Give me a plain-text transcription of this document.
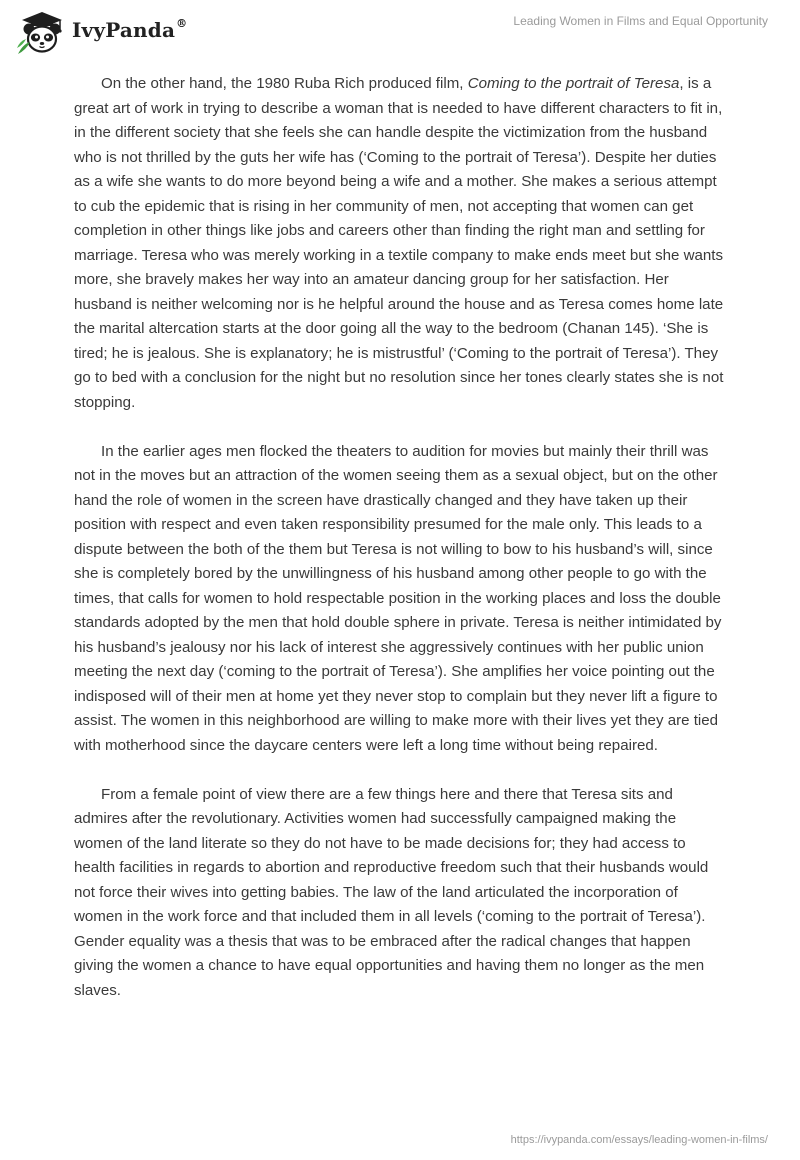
IvyPanda®	Leading Women in Films and Equal Opportunity

On the other hand, the 1980 Ruba Rich produced film, Coming to the portrait of Teresa, is a great art of work in trying to describe a woman that is needed to have different characters to fit in, in the different society that she feels she can handle despite the victimization from the husband who is not thrilled by the guts her wife has (‘Coming to the portrait of Teresa’). Despite her duties as a wife she wants to do more beyond being a wife and a mother. She makes a serious attempt to cub the epidemic that is rising in her community of men, not accepting that women can get completion in other things like jobs and careers other than finding the right man and settling for marriage. Teresa who was merely working in a textile company to make ends meet but she wants more, she bravely makes her way into an amateur dancing group for her satisfaction. Her husband is neither welcoming nor is he helpful around the house and as Teresa comes home late the marital altercation starts at the door going all the way to the bedroom (Chanan 145). ‘She is tired; he is jealous. She is explanatory; he is mistrustful’ (‘Coming to the portrait of Teresa’). They go to bed with a conclusion for the night but no resolution since her tones clearly states she is not stopping.

In the earlier ages men flocked the theaters to audition for movies but mainly their thrill was not in the moves but an attraction of the women seeing them as a sexual object, but on the other hand the role of women in the screen have drastically changed and they have taken up their position with respect and even taken responsibility presumed for the male only. This leads to a dispute between the both of the them but Teresa is not willing to bow to his husband’s will, since she is completely bored by the unwillingness of his husband among other people to go with the times, that calls for women to hold respectable position in the working places and loss the double standards adopted by the men that hold double sphere in private. Teresa is neither intimidated by his husband’s jealousy nor his lack of interest she aggressively continues with her public union meeting the next day (‘coming to the portrait of Teresa’). She amplifies her voice pointing out the indisposed will of their men at home yet they never stop to complain but they never lift a figure to assist. The women in this neighborhood are willing to make more with their lives yet they are tied with motherhood since the daycare centers were left a long time without being repaired.

From a female point of view there are a few things here and there that Teresa sits and admires after the revolutionary. Activities women had successfully campaigned making the women of the land literate so they do not have to be made decisions for; they had access to health facilities in regards to abortion and reproductive freedom such that their husbands would not force their wives into getting babies. The law of the land articulated the incorporation of women in the work force and that included them in all levels (‘coming to the portrait of Teresa’). Gender equality was a thesis that was to be embraced after the radical changes that happen giving the women a chance to have equal opportunities and having them no longer as the men slaves.

https://ivypanda.com/essays/leading-women-in-films/
